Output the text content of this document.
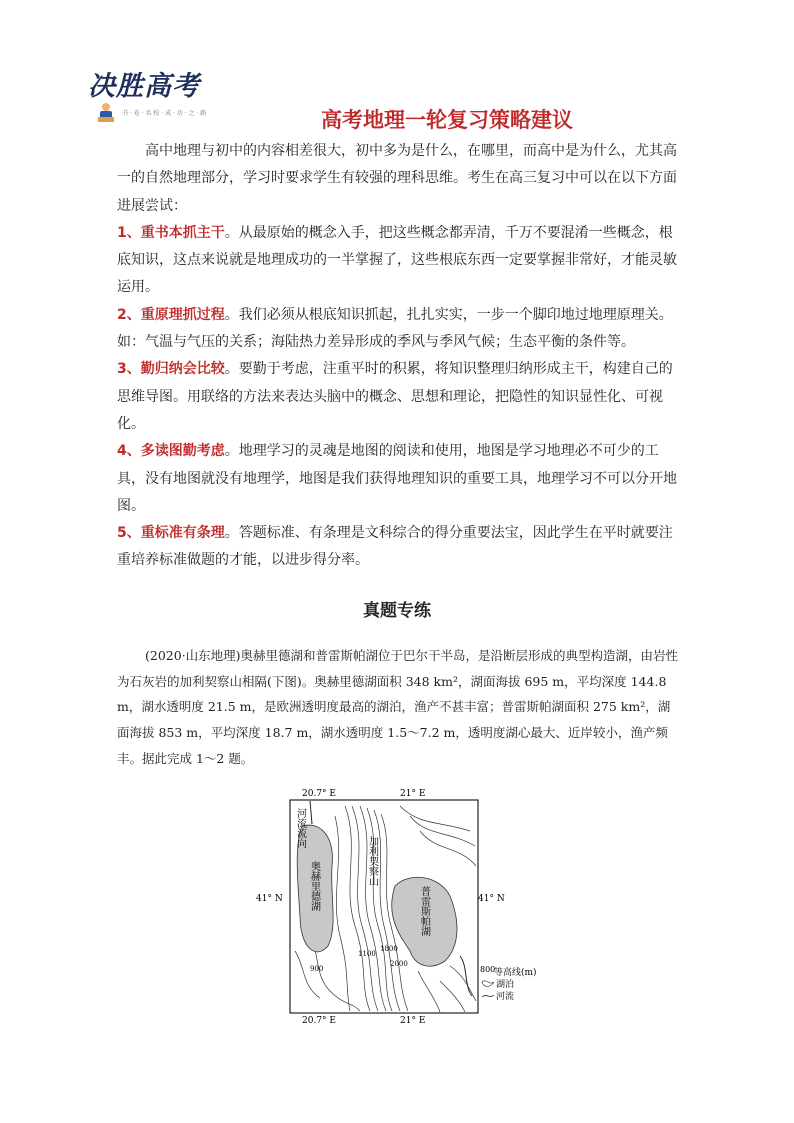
决胜高考
书 · 卷 · 名 校 · 成 · 功 · 之 · 路	高考地理一轮复习策略建议

高中地理与初中的内容相差很大，初中多为是什么，在哪里，而高中是为什么，尤其高一的自然地理部分，学习时要求学生有较强的理科思维。考生在高三复习中可以在以下方面进展尝试：

1、重书本抓主干。从最原始的概念入手，把这些概念都弄清，千万不要混淆一些概念，根底知识，这点来说就是地理成功的一半掌握了，这些根底东西一定要掌握非常好，才能灵敏运用。

2、重原理抓过程。我们必须从根底知识抓起，扎扎实实，一步一个脚印地过地理原理关。如：气温与气压的关系；海陆热力差异形成的季风与季风气候；生态平衡的条件等。

3、勤归纳会比较。要勤于考虑，注重平时的积累，将知识整理归纳形成主干，构建自己的思维导图。用联络的方法来表达头脑中的概念、思想和理论，把隐性的知识显性化、可视化。

4、多读图勤考虑。地理学习的灵魂是地图的阅读和使用，地图是学习地理必不可少的工具，没有地图就没有地理学，地图是我们获得地理知识的重要工具，地理学习不可以分开地图。

5、重标准有条理。答题标准、有条理是文科综合的得分重要法宝，因此学生在平时就要注重培养标准做题的才能，以进步得分率。

真题专练
(2020·山东地理)奥赫里德湖和普雷斯帕湖位于巴尔干半岛，是沿断层形成的典型构造湖，由岩性为石灰岩的加利契察山相隔(下图)。奥赫里德湖面积 348 km²，湖面海拔 695 m，平均深度 144.8 m，湖水透明度 21.5 m，是欧洲透明度最高的湖泊，渔产不甚丰富；普雷斯帕湖面积 275 km²，湖面海拔 853 m，平均深度 18.7 m，湖水透明度 1.5～7.2 m，透明度湖心最大、近岸较小，渔产频丰。据此完成 1～2 题。
20.7° E	21° E
20.7° E	21° E
41° N	41° N
河流流向
奥赫里德湖	普雷斯帕湖
加利契察山
900
1100
1800
2000
800
等高线(m)
湖泊
河流
